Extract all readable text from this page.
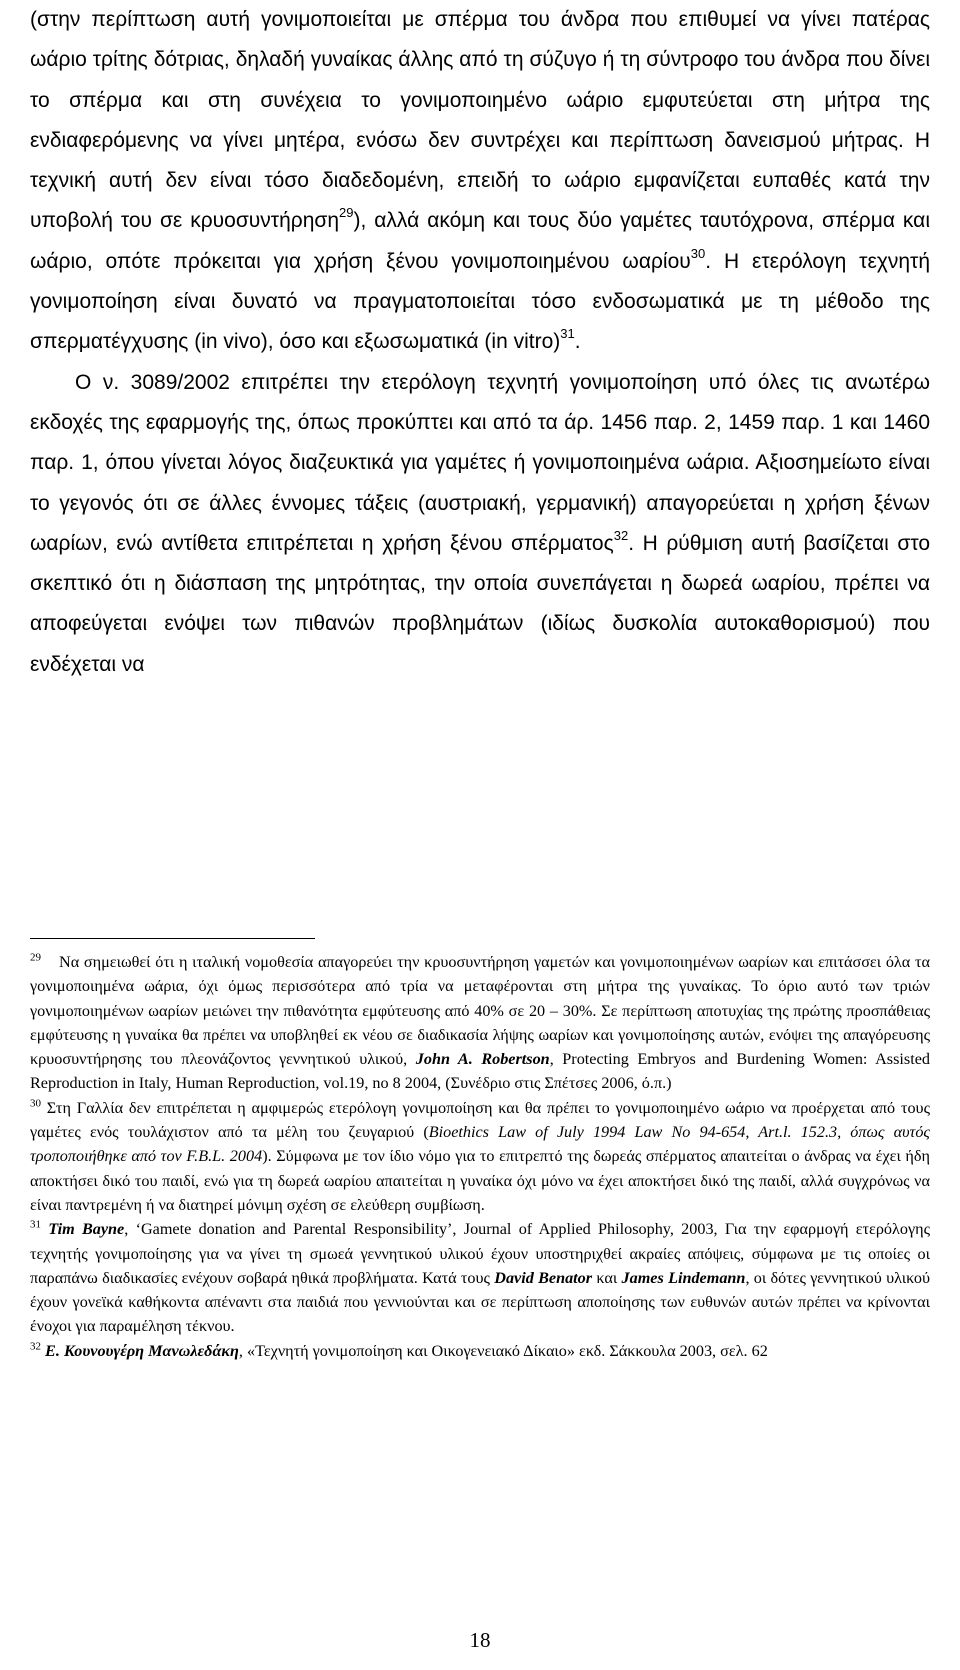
(στην περίπτωση αυτή γονιμοποιείται με σπέρμα του άνδρα που επιθυμεί να γίνει πατέρας ωάριο τρίτης δότριας, δηλαδή γυναίκας άλλης από τη σύζυγο ή τη σύντροφο του άνδρα που δίνει το σπέρμα και στη συνέχεια το γονιμοποιημένο ωάριο εμφυτεύεται στη μήτρα της ενδιαφερόμενης να γίνει μητέρα, ενόσω δεν συντρέχει και περίπτωση δανεισμού μήτρας. Η τεχνική αυτή δεν είναι τόσο διαδεδομένη, επειδή το ωάριο εμφανίζεται ευπαθές κατά την υποβολή του σε κρυοσυντήρηση$^{29}$), αλλά ακόμη και τους δύο γαμέτες ταυτόχρονα, σπέρμα και ωάριο, οπότε πρόκειται για χρήση ξένου γονιμοποιημένου ωαρίου$^{30}$. Η ετερόλογη τεχνητή γονιμοποίηση είναι δυνατό να πραγματοποιείται τόσο ενδοσωματικά με τη μέθοδο της σπερματέγχυσης (in vivo), όσο και εξωσωματικά (in vitro)$^{31}$.

Ο ν. 3089/2002 επιτρέπει την ετερόλογη τεχνητή γονιμοποίηση υπό όλες τις ανωτέρω εκδοχές της εφαρμογής της, όπως προκύπτει και από τα άρ. 1456 παρ. 2, 1459 παρ. 1 και 1460 παρ. 1, όπου γίνεται λόγος διαζευκτικά για γαμέτες ή γονιμοποιημένα ωάρια. Αξιοσημείωτο είναι το γεγονός ότι σε άλλες έννομες τάξεις (αυστριακή, γερμανική) απαγορεύεται η χρήση ξένων ωαρίων, ενώ αντίθετα επιτρέπεται η χρήση ξένου σπέρματος$^{32}$. Η ρύθμιση αυτή βασίζεται στο σκεπτικό ότι η διάσπαση της μητρότητας, την οποία συνεπάγεται η δωρεά ωαρίου, πρέπει να αποφεύγεται ενόψει των πιθανών προβλημάτων (ιδίως δυσκολία αυτοκαθορισμού) που ενδέχεται να

$^{29}$ Να σημειωθεί ότι η ιταλική νομοθεσία απαγορεύει την κρυοσυντήρηση γαμετών και γονιμοποιημένων ωαρίων και επιτάσσει όλα τα γονιμοποιημένα ωάρια, όχι όμως περισσότερα από τρία να μεταφέρονται στη μήτρα της γυναίκας. Το όριο αυτό των τριών γονιμοποιημένων ωαρίων μειώνει την πιθανότητα εμφύτευσης από 40% σε 20 – 30%. Σε περίπτωση αποτυχίας της πρώτης προσπάθειας εμφύτευσης η γυναίκα θα πρέπει να υποβληθεί εκ νέου σε διαδικασία λήψης ωαρίων και γονιμοποίησης αυτών, ενόψει της απαγόρευσης κρυοσυντήρησης του πλεονάζοντος γεννητικού υλικού, John A. Robertson, Protecting Embryos and Burdening Women: Assisted Reproduction in Italy, Human Reproduction, vol.19, no 8 2004, (Συνέδριο στις Σπέτσες 2006, ό.π.)

$^{30}$ Στη Γαλλία δεν επιτρέπεται η αμφιμερώς ετερόλογη γονιμοποίηση και θα πρέπει το γονιμοποιημένο ωάριο να προέρχεται από τους γαμέτες ενός τουλάχιστον από τα μέλη του ζευγαριού (Bioethics Law of July 1994 Law No 94-654, Art.l. 152.3, όπως αυτός τροποποιήθηκε από τον F.B.L. 2004). Σύμφωνα με τον ίδιο νόμο για το επιτρεπτό της δωρεάς σπέρματος απαιτείται ο άνδρας να έχει ήδη αποκτήσει δικό του παιδί, ενώ για τη δωρεά ωαρίου απαιτείται η γυναίκα όχι μόνο να έχει αποκτήσει δικό της παιδί, αλλά συγχρόνως να είναι παντρεμένη ή να διατηρεί μόνιμη σχέση σε ελεύθερη συμβίωση.

$^{31}$ Tim Bayne, ‘Gamete donation and Parental Responsibility’, Journal of Applied Philosophy, 2003, Για την εφαρμογή ετερόλογης τεχνητής γονιμοποίησης για να γίνει τη σμωεά γεννητικού υλικού έχουν υποστηριχθεί ακραίες απόψεις, σύμφωνα με τις οποίες οι παραπάνω διαδικασίες ενέχουν σοβαρά ηθικά προβλήματα. Κατά τους David Benator και James Lindemann, οι δότες γεννητικού υλικού έχουν γονεϊκά καθήκοντα απέναντι στα παιδιά που γεννιούνται και σε περίπτωση αποποίησης των ευθυνών αυτών πρέπει να κρίνονται ένοχοι για παραμέληση τέκνου.

$^{32}$ Ε. Κουνουγέρη Μανωλεδάκη, «Τεχνητή γονιμοποίηση και Οικογενειακό Δίκαιο» εκδ. Σάκκουλα 2003, σελ. 62

18
